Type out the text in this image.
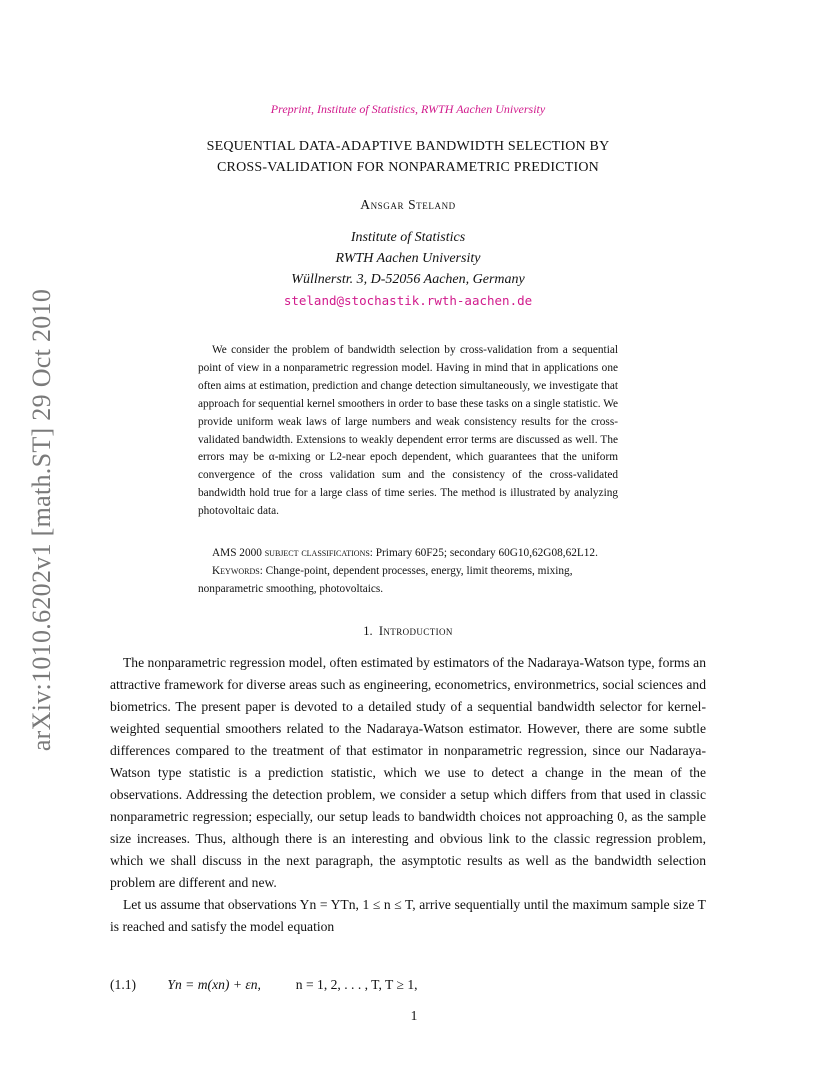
arXiv:1010.6202v1 [math.ST] 29 Oct 2010
Preprint, Institute of Statistics, RWTH Aachen University
SEQUENTIAL DATA-ADAPTIVE BANDWIDTH SELECTION BY
CROSS-VALIDATION FOR NONPARAMETRIC PREDICTION
Ansgar Steland
Institute of Statistics
RWTH Aachen University
Wüllnerstr. 3, D-52056 Aachen, Germany
steland@stochastik.rwth-aachen.de

We consider the problem of bandwidth selection by cross-validation from a sequential point of view in a nonparametric regression model. Having in mind that in applications one often aims at estimation, prediction and change detection simultaneously, we investigate that approach for sequential kernel smoothers in order to base these tasks on a single statistic. We provide uniform weak laws of large numbers and weak consistency results for the cross-validated bandwidth. Extensions to weakly dependent error terms are discussed as well. The errors may be α-mixing or L2-near epoch dependent, which guarantees that the uniform convergence of the cross validation sum and the consistency of the cross-validated bandwidth hold true for a large class of time series. The method is illustrated by analyzing photovoltaic data.

AMS 2000 subject classifications: Primary 60F25; secondary 60G10,62G08,62L12.

Keywords: Change-point, dependent processes, energy, limit theorems, mixing, nonparametric smoothing, photovoltaics.

1. Introduction

The nonparametric regression model, often estimated by estimators of the Nadaraya-Watson type, forms an attractive framework for diverse areas such as engineering, econometrics, environmetrics, social sciences and biometrics. The present paper is devoted to a detailed study of a sequential bandwidth selector for kernel-weighted sequential smoothers related to the Nadaraya-Watson estimator. However, there are some subtle differences compared to the treatment of that estimator in nonparametric regression, since our Nadaraya-Watson type statistic is a prediction statistic, which we use to detect a change in the mean of the observations. Addressing the detection problem, we consider a setup which differs from that used in classic nonparametric regression; especially, our setup leads to bandwidth choices not approaching 0, as the sample size increases. Thus, although there is an interesting and obvious link to the classic regression problem, which we shall discuss in the next paragraph, the asymptotic results as well as the bandwidth selection problem are different and new.

Let us assume that observations Yn = YTn, 1 ≤ n ≤ T, arrive sequentially until the maximum sample size T is reached and satisfy the model equation

(1.1) Yn = m(xn) + εn,	n = 1, 2, . . . , T, T ≥ 1,
1
